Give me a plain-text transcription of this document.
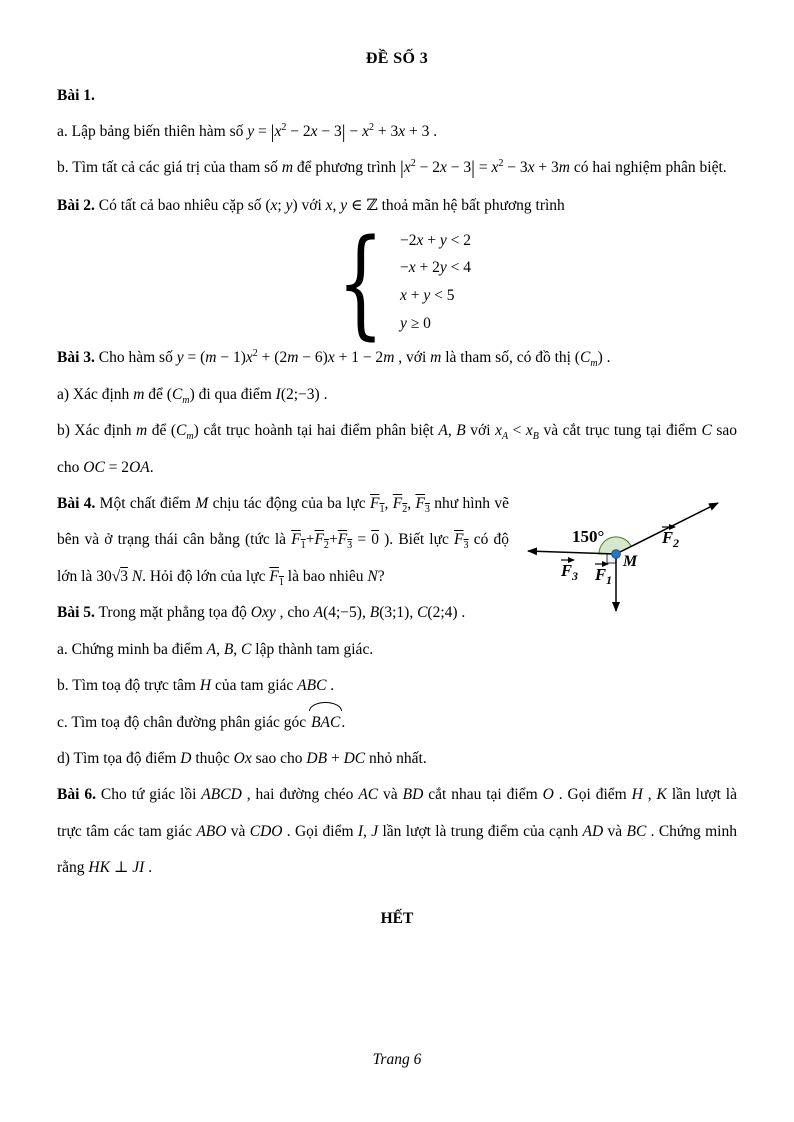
ĐỀ SỐ 3

Bài 1.

a. Lập bảng biến thiên hàm số $y = |x^2 - 2x - 3| - x^2 + 3x + 3$ .

b. Tìm tất cả các giá trị của tham số m để phương trình $|x^2 - 2x - 3| = x^2 - 3x + 3m$ có hai nghiệm phân biệt.

Bài 2. Có tất cả bao nhiêu cặp số (x; y) với x, y ∈ ℤ thoả mãn hệ bất phương trình

{ −2x + y < 2
−x + 2y < 4
x + y < 5
y ≥ 0

Bài 3. Cho hàm số $y = (m - 1)x^2 + (2m - 6)x + 1 - 2m$ , với m là tham số, có đồ thị $(C_m)$ .

a) Xác định m để $(C_m)$ đi qua điểm I(2;−3) .

b) Xác định m để $(C_m)$ cắt trục hoành tại hai điểm phân biệt A, B với $x_A < x_B$ và cắt trục tung tại điểm C sao cho OC = 2OA.

150°	$F_2$
$F_3$ $F_1$
M

Bài 4. Một chất điểm M chịu tác động của ba lực $F_1$, $F_2$, $F_3$ như hình vẽ bên và ở trạng thái cân bằng (tức là $F_1+F_2+F_3 = 0$ ). Biết lực $F_3$ có độ lớn là 30√3 N. Hỏi độ lớn của lực $F_1$ là bao nhiêu N?

Bài 5. Trong mặt phẳng tọa độ Oxy , cho A(4;−5), B(3;1), C(2;4) .

a. Chứng minh ba điểm A, B, C lập thành tam giác.

b. Tìm toạ độ trực tâm H của tam giác ABC .

c. Tìm toạ độ chân đường phân giác góc BAC.

d) Tìm tọa độ điểm D thuộc Ox sao cho DB + DC nhỏ nhất.

Bài 6. Cho tứ giác lồi ABCD , hai đường chéo AC và BD cắt nhau tại điểm O . Gọi điểm H , K lần lượt là trực tâm các tam giác ABO và CDO . Gọi điểm I, J lần lượt là trung điểm của cạnh AD và BC . Chứng minh rằng HK ⊥ JI .

HẾT
Trang 6
